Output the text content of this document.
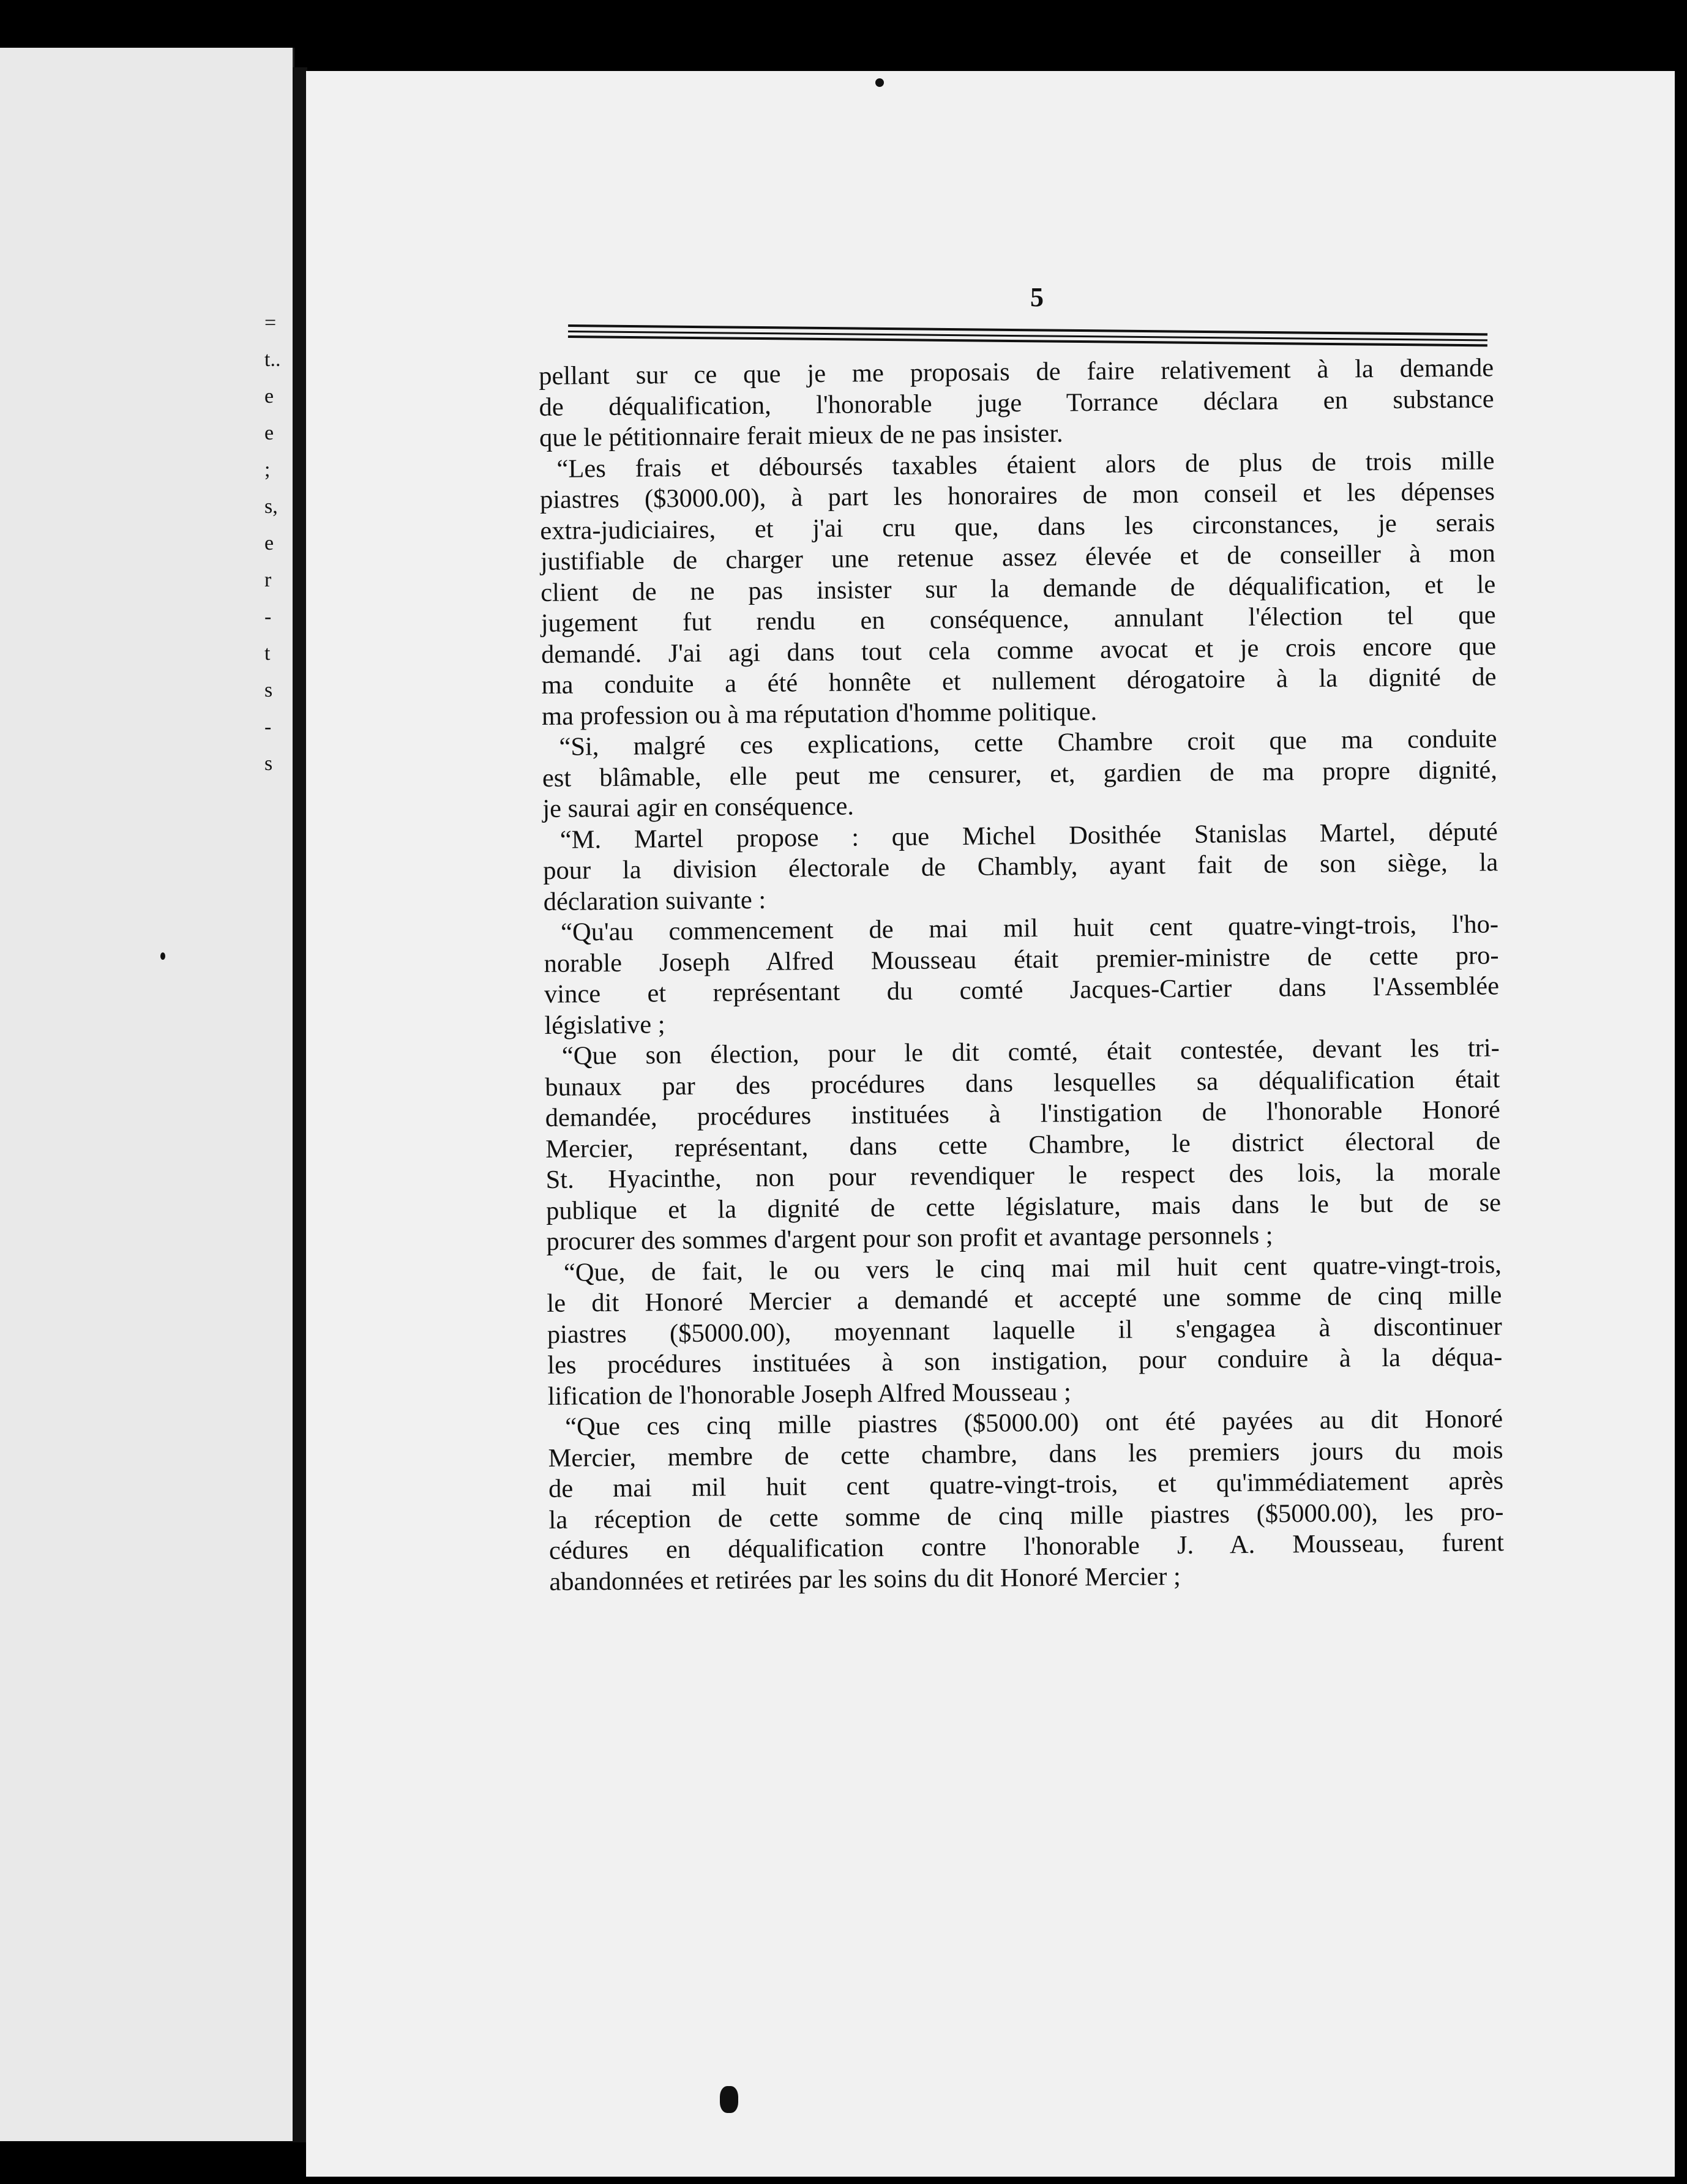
=
t..
e
e
;
s,
e
r
-
t
s
-
s
5
pellant sur ce que je me proposais de faire relativement à la demande
de déqualification, l'honorable juge Torrance déclara en substance
que le pétitionnaire ferait mieux de ne pas insister.
“Les frais et déboursés taxables étaient alors de plus de trois mille
piastres ($3000.00), à part les honoraires de mon conseil et les dépenses
extra-judiciaires, et j'ai cru que, dans les circonstances, je serais
justifiable de charger une retenue assez élevée et de conseiller à mon
client de ne pas insister sur la demande de déqualification, et le
jugement fut rendu en conséquence, annulant l'élection tel que
demandé. J'ai agi dans tout cela comme avocat et je crois encore que
ma conduite a été honnête et nullement dérogatoire à la dignité de
ma profession ou à ma réputation d'homme politique.
“Si, malgré ces explications, cette Chambre croit que ma conduite
est blâmable, elle peut me censurer, et, gardien de ma propre dignité,
je saurai agir en conséquence.
“M. Martel propose : que Michel Dosithée Stanislas Martel, député
pour la division électorale de Chambly, ayant fait de son siège, la
déclaration suivante :
“Qu'au commencement de mai mil huit cent quatre-vingt-trois, l'ho-
norable Joseph Alfred Mousseau était premier-ministre de cette pro-
vince et représentant du comté Jacques-Cartier dans l'Assemblée
législative ;
“Que son élection, pour le dit comté, était contestée, devant les tri-
bunaux par des procédures dans lesquelles sa déqualification était
demandée, procédures instituées à l'instigation de l'honorable Honoré
Mercier, représentant, dans cette Chambre, le district électoral de
St. Hyacinthe, non pour revendiquer le respect des lois, la morale
publique et la dignité de cette législature, mais dans le but de se
procurer des sommes d'argent pour son profit et avantage personnels ;
“Que, de fait, le ou vers le cinq mai mil huit cent quatre-vingt-trois,
le dit Honoré Mercier a demandé et accepté une somme de cinq mille
piastres ($5000.00), moyennant laquelle il s'engagea à discontinuer
les procédures instituées à son instigation, pour conduire à la déqua-
lification de l'honorable Joseph Alfred Mousseau ;
“Que ces cinq mille piastres ($5000.00) ont été payées au dit Honoré
Mercier, membre de cette chambre, dans les premiers jours du mois
de mai mil huit cent quatre-vingt-trois, et qu'immédiatement après
la réception de cette somme de cinq mille piastres ($5000.00), les pro-
cédures en déqualification contre l'honorable J. A. Mousseau, furent
abandonnées et retirées par les soins du dit Honoré Mercier ;
